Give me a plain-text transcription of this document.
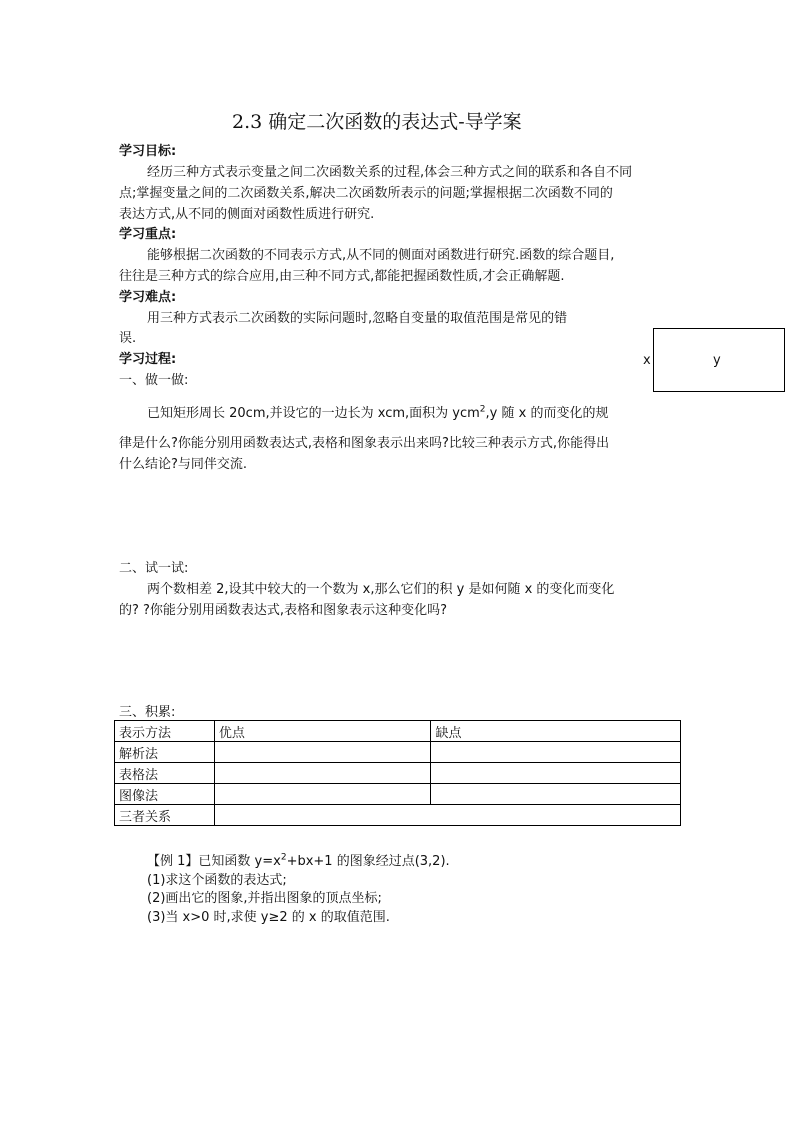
2.3 确定二次函数的表达式-导学案
学习目标:
经历三种方式表示变量之间二次函数关系的过程,体会三种方式之间的联系和各自不同
点;掌握变量之间的二次函数关系,解决二次函数所表示的问题;掌握根据二次函数不同的
表达方式,从不同的侧面对函数性质进行研究.
学习重点:
能够根据二次函数的不同表示方式,从不同的侧面对函数进行研究.函数的综合题目,
往往是三种方式的综合应用,由三种不同方式,都能把握函数性质,才会正确解题.
学习难点:
用三种方式表示二次函数的实际问题时,忽略自变量的取值范围是常见的错
误.
x	y
学习过程:
一、做一做:
已知矩形周长 20cm,并设它的一边长为 xcm,面积为 ycm$^2$,y 随 x 的而变化的规
律是什么?你能分别用函数表达式,表格和图象表示出来吗?比较三种表示方式,你能得出
什么结论?与同伴交流.
二、试一试:
两个数相差 2,设其中较大的一个数为 x,那么它们的积 y 是如何随 x 的变化而变化
的? ?你能分别用函数表达式,表格和图象表示这种变化吗?
三、积累:
表示方法	优点	缺点
解析法		
表格法		
图像法		
三者关系		
【例 1】已知函数 $y=x^2+bx+1$ 的图象经过点(3,2).
(1)求这个函数的表达式;
(2)画出它的图象,并指出图象的顶点坐标;
(3)当 x>0 时,求使 y≥2 的 x 的取值范围.
